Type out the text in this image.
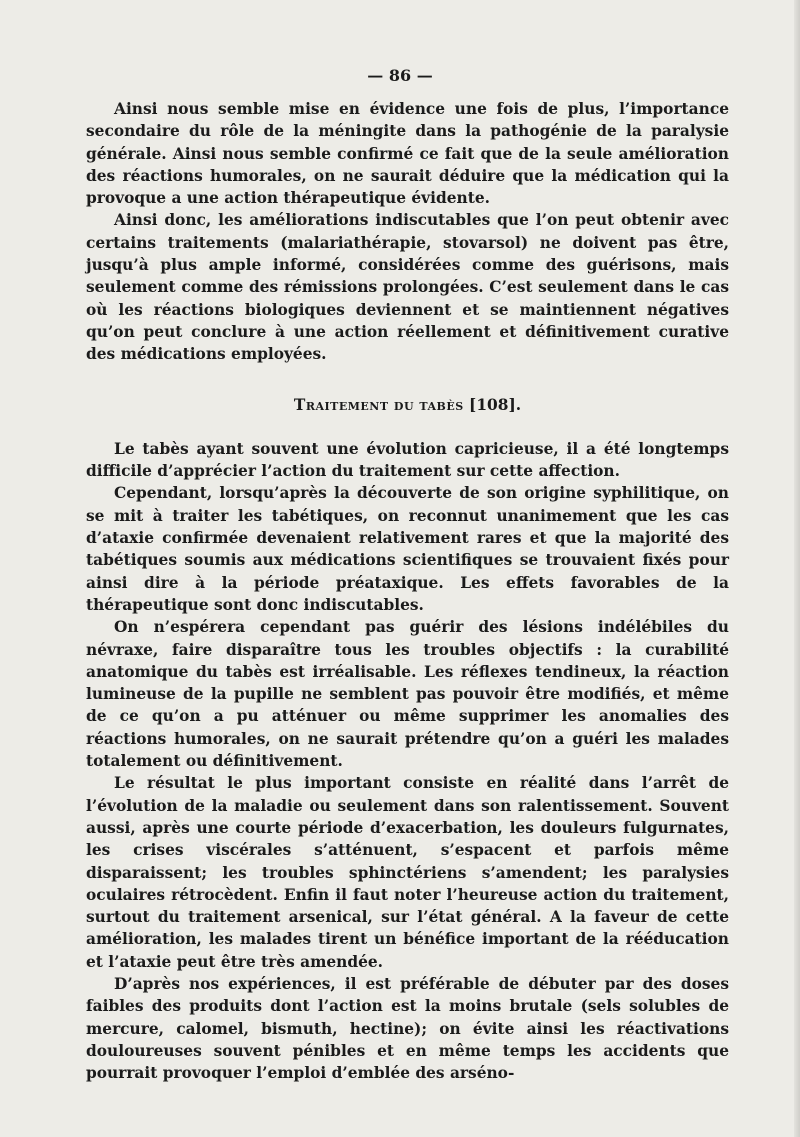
— 86 —

Ainsi nous semble mise en évidence une fois de plus, l’importance secondaire du rôle de la méningite dans la pathogénie de la paralysie générale. Ainsi nous semble confirmé ce fait que de la seule amélioration des réactions humorales, on ne saurait déduire que la médication qui la provoque a une action thérapeutique évidente.

Ainsi donc, les améliorations indiscutables que l’on peut obtenir avec certains traitements (malariathérapie, stovarsol) ne doivent pas être, jusqu’à plus ample informé, considérées comme des guérisons, mais seulement comme des rémissions prolongées. C’est seulement dans le cas où les réactions biologiques deviennent et se maintiennent négatives qu’on peut conclure à une action réellement et définitivement curative des médications employées.

Traitement du tabès [108].

Le tabès ayant souvent une évolution capricieuse, il a été longtemps difficile d’apprécier l’action du traitement sur cette affection.

Cependant, lorsqu’après la découverte de son origine syphilitique, on se mit à traiter les tabétiques, on reconnut unanimement que les cas d’ataxie confirmée devenaient relativement rares et que la majorité des tabétiques soumis aux médications scientifiques se trouvaient fixés pour ainsi dire à la période préataxique. Les effets favorables de la thérapeutique sont donc indiscutables.

On n’espérera cependant pas guérir des lésions indélébiles du névraxe, faire disparaître tous les troubles objectifs : la curabilité anatomique du tabès est irréalisable. Les réflexes tendineux, la réaction lumineuse de la pupille ne semblent pas pouvoir être modifiés, et même de ce qu’on a pu atténuer ou même supprimer les anomalies des réactions humorales, on ne saurait prétendre qu’on a guéri les malades totalement ou définitivement.

Le résultat le plus important consiste en réalité dans l’arrêt de l’évolution de la maladie ou seulement dans son ralentissement. Souvent aussi, après une courte période d’exacerbation, les douleurs fulgurnates, les crises viscérales s’atténuent, s’espacent et parfois même disparaissent; les troubles sphinctériens s’amendent; les paralysies oculaires rétrocèdent. Enfin il faut noter l’heureuse action du traitement, surtout du traitement arsenical, sur l’état général. A la faveur de cette amélioration, les malades tirent un bénéfice important de la rééducation et l’ataxie peut être très amendée.

D’après nos expériences, il est préférable de débuter par des doses faibles des produits dont l’action est la moins brutale (sels solubles de mercure, calomel, bismuth, hectine); on évite ainsi les réactivations douloureuses souvent pénibles et en même temps les accidents que pourrait provoquer l’emploi d’emblée des arséno-
